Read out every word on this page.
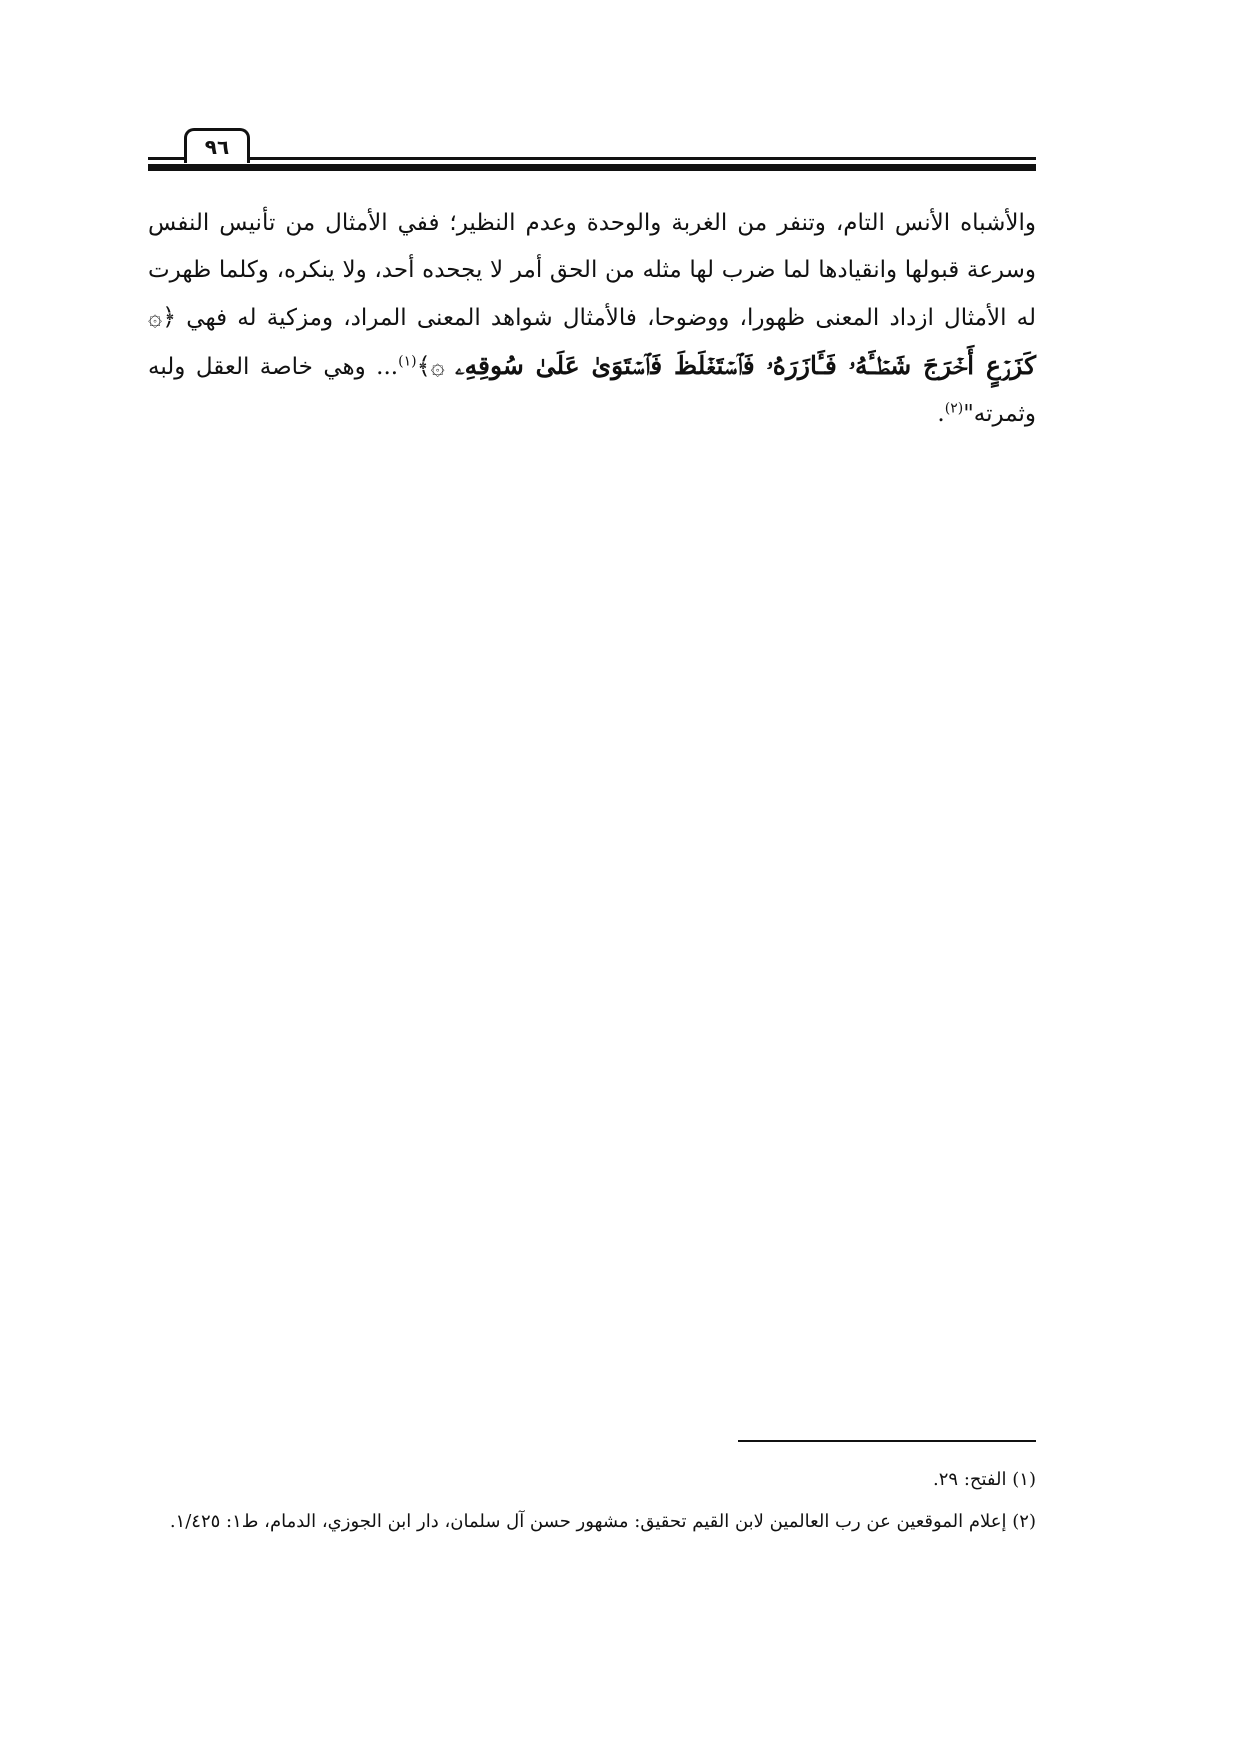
٩٦

والأشباه الأنس التام، وتنفر من الغربة والوحدة وعدم النظير؛ ففي الأمثال من تأنيس النفس وسرعة قبولها وانقيادها لما ضرب لها مثله من الحق أمر لا يجحده أحد، ولا ينكره، وكلما ظهرت له الأمثال ازداد المعنى ظهورا، ووضوحا، فالأمثال شواهد المعنى المراد، ومزكية له فهي ﴿۞ كَزَرۡعٍ أَخۡرَجَ شَطۡـَٔهُۥ فَـَٔازَرَهُۥ فَٱسۡتَغۡلَظَ فَٱسۡتَوَىٰ عَلَىٰ سُوقِهِۦ ۞﴾$^{(١)}$... وهي خاصة العقل ولبه وثمرته"$^{(٢)}$.

(١) الفتح: ٢٩.

(٢) إعلام الموقعين عن رب العالمين لابن القيم تحقيق: مشهور حسن آل سلمان، دار ابن الجوزي، الدمام، ط١: ١/٤٢٥.
